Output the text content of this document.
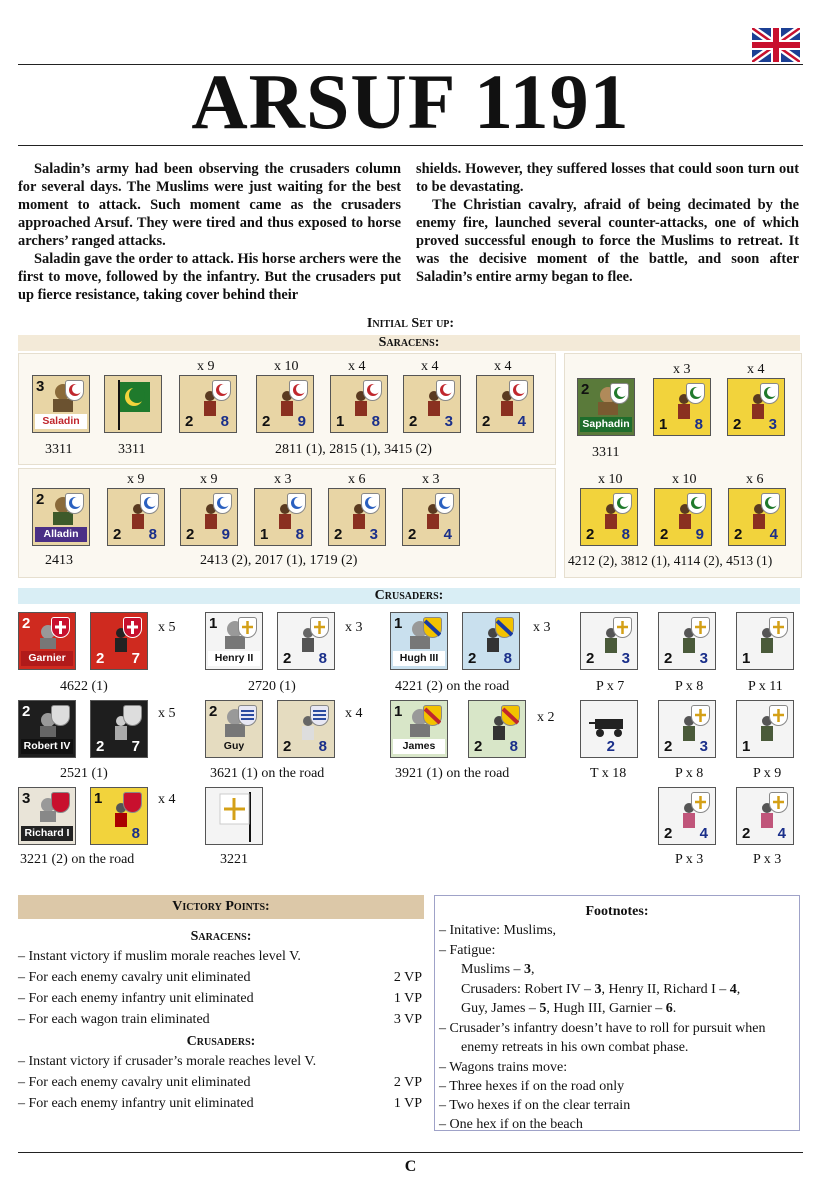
ARSUF 1191

Saladin’s army had been observing the crusaders column for several days. The Muslims were just waiting for the best moment to attack. Such moment came as the crusaders approached Arsuf. They were tired and thus exposed to horse archers’ ranged attacks.

Saladin gave the order to attack. His horse archers were the first to move, followed by the infantry. But the crusaders put up fierce resistance, taking cover behind their

shields. However, they suffered losses that could soon turn out to be devastating.

The Christian cavalry, afraid of being decimated by the enemy fire, launched several counter-attacks, one of which proved successful enough to force the Muslims to retreat. It was the decisive moment of the battle, and soon after Saladin’s entire army began to flee.

Initial Set up:
Saracens:
3
Saladin
3311	3311
x 9
2 8
x 10
2 9
x 4
1 8
x 4
2 3
x 4
2 4
2811 (1), 2815 (1), 3415 (2)
2
Saphadin
3311
x 3
1 8
x 4
2 3
2
Alladin
2413
x 9
2 8
x 9
2 9
x 3
1 8
x 6
2 3
x 3
2 4
2413 (2), 2017 (1), 1719 (2)
x 10
2 8
x 10
2 9
x 6
2 4
4212 (2), 3812 (1), 4114 (2), 4513 (1)
Crusaders:
2
Garnier	2 7
x 5
4622 (1)
2
Robert IV 2 7
x 5
2521 (1)
3
Richard I
1
8
x 4
3221 (2) on the road
1
Henry II	2 8
x 3
2720 (1)
2
Guy	2 8
x 4
3621 (1) on the road
3221
1
Hugh III	2 8
x 3
4221 (2) on the road
1
James	2 8
x 2
3921 (1) on the road
2 3
P x 7
2 3
P x 8
1
P x 11
2
T x 18
2 3
P x 8
1
P x 9
2 4
P x 3
2 4
P x 3
Victory Points:
Saracens:
– Instant victory if muslim morale reaches level V.
– For each enemy cavalry unit eliminated	2 VP
– For each enemy infantry unit eliminated	1 VP
– For each wagon train eliminated	3 VP
Crusaders:
– Instant victory if crusader’s morale reaches level V.
– For each enemy cavalry unit eliminated	2 VP
– For each enemy infantry unit eliminated	1 VP
Footnotes:
– Initative: Muslims,
– Fatigue:
Muslims – 3,
Crusaders: Robert IV – 3, Henry II, Richard I – 4,
Guy, James – 5, Hugh III, Garnier – 6.
– Crusader’s infantry doesn’t have to roll for pursuit when
enemy retreats in his own combat phase.
– Wagons trains move:
– Three hexes if on the road only
– Two hexes if on the clear terrain
– One hex if on the beach
C
